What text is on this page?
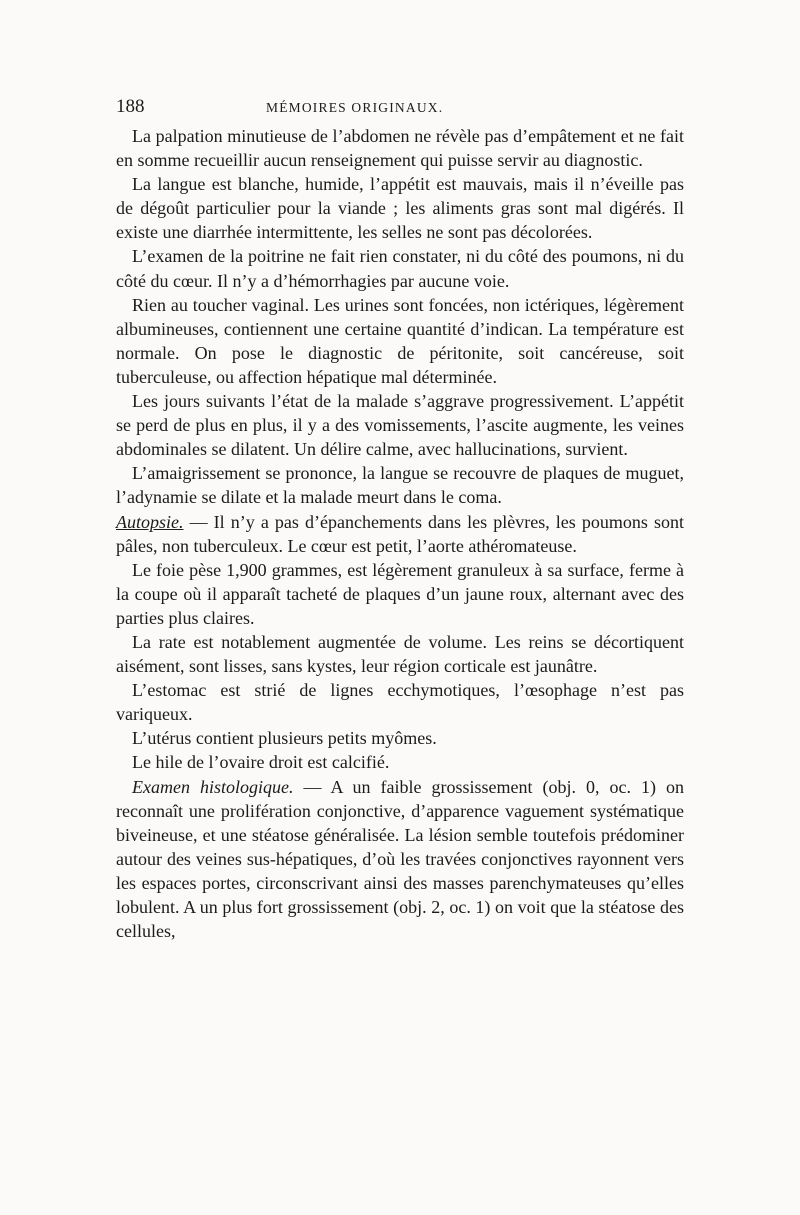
188	MÉMOIRES ORIGINAUX.

La palpation minutieuse de l’abdomen ne révèle pas d’empâtement et ne fait en somme recueillir aucun renseignement qui puisse servir au diagnostic.

La langue est blanche, humide, l’appétit est mauvais, mais il n’éveille pas de dégoût particulier pour la viande ; les aliments gras sont mal digérés. Il existe une diarrhée intermittente, les selles ne sont pas décolorées.

L’examen de la poitrine ne fait rien constater, ni du côté des poumons, ni du côté du cœur. Il n’y a d’hémorrhagies par aucune voie.

Rien au toucher vaginal. Les urines sont foncées, non ictériques, légèrement albumineuses, contiennent une certaine quantité d’indican. La température est normale. On pose le diagnostic de péritonite, soit cancéreuse, soit tuberculeuse, ou affection hépatique mal déterminée.

Les jours suivants l’état de la malade s’aggrave progressivement. L’appétit se perd de plus en plus, il y a des vomissements, l’ascite augmente, les veines abdominales se dilatent. Un délire calme, avec hallucinations, survient.

L’amaigrissement se prononce, la langue se recouvre de plaques de muguet, l’adynamie se dilate et la malade meurt dans le coma.

Autopsie. — Il n’y a pas d’épanchements dans les plèvres, les poumons sont pâles, non tuberculeux. Le cœur est petit, l’aorte athéromateuse.

Le foie pèse 1,900 grammes, est légèrement granuleux à sa surface, ferme à la coupe où il apparaît tacheté de plaques d’un jaune roux, alternant avec des parties plus claires.

La rate est notablement augmentée de volume. Les reins se décortiquent aisément, sont lisses, sans kystes, leur région corticale est jaunâtre.

L’estomac est strié de lignes ecchymotiques, l’œsophage n’est pas variqueux.

L’utérus contient plusieurs petits myômes.

Le hile de l’ovaire droit est calcifié.

Examen histologique. — A un faible grossissement (obj. 0, oc. 1) on reconnaît une prolifération conjonctive, d’apparence vaguement systématique biveineuse, et une stéatose généralisée. La lésion semble toutefois prédominer autour des veines sus-hépatiques, d’où les travées conjonctives rayonnent vers les espaces portes, circonscrivant ainsi des masses parenchymateuses qu’elles lobulent. A un plus fort grossissement (obj. 2, oc. 1) on voit que la stéatose des cellules,
